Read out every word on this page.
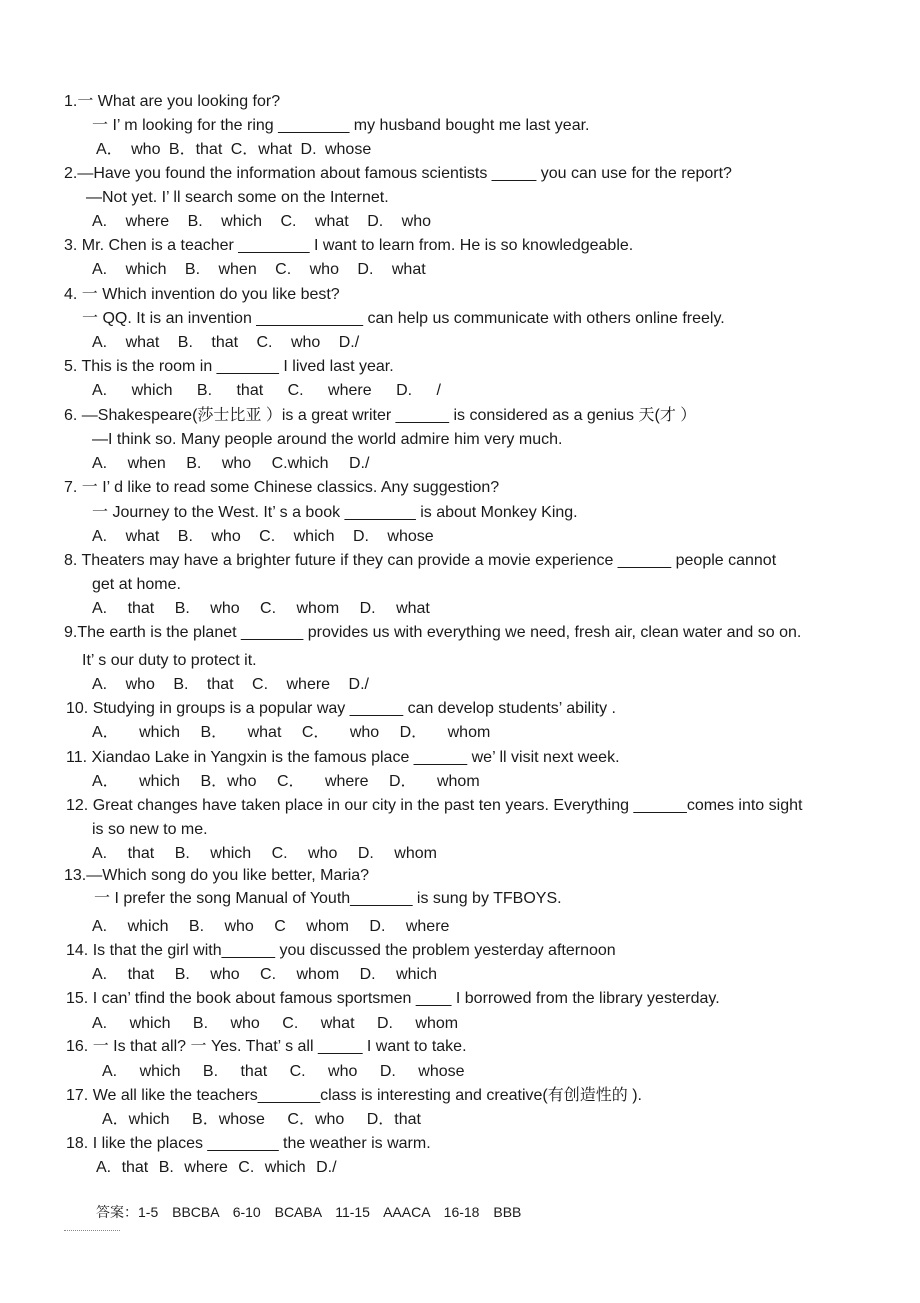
1.一 What are you looking for?
一 I’ m looking for the ring ________ my husband bought me last year.
A． who B．that C．what D. whose
2.—Have you found the information about famous scientists _____ you can use for the report?
—Not yet. I’ ll search some on the Internet.
A. where B. which C. what D. who
3. Mr. Chen is a teacher ________ I want to learn from. He is so knowledgeable.
A. which B. when C. who D. what
4. 一 Which invention do you like best?
一 QQ. It is an invention ____________ can help us communicate with others online freely.
A. what B. that C. who D./
5. This is the room in _______ I lived last year.
A. which B. that C. where D. /
6. —Shakespeare(莎士比亚 ）is a great writer ______ is considered as a genius 天(才 ）
—I think so. Many people around the world admire him very much.
A. when B. who C.which D./
7. 一 I’ d like to read some Chinese classics. Any suggestion?
一 Journey to the West. It’ s a book ________ is about Monkey King.
A. what B. who C. which D. whose
8. Theaters may have a brighter future if they can provide a movie experience ______ people cannot
get at home.
A. that B. who C. whom D. what
9.The earth is the planet _______ provides us with everything we need, fresh air, clean water and so on.
It’ s our duty to protect it.
A. who B. that C. where D./
10. Studying in groups is a popular way ______ can develop students’ ability .
A． which B． what C． who D． whom
11. Xiandao Lake in Yangxin is the famous place ______ we’ ll visit next week.
A． which B．who C． where D． whom
12. Great changes have taken place in our city in the past ten years. Everything ______comes into sight
is so new to me.
A. that B. which C. who D. whom
13.—Which song do you like better, Maria?
一 I prefer the song Manual of Youth_______ is sung by TFBOYS.
A. which B. who C whom D. where
14. Is that the girl with______ you discussed the problem yesterday afternoon
A. that B. who C. whom D. which
15. I can’ tfind the book about famous sportsmen ____ I borrowed from the library yesterday.
A. which B. who C. what D. whom
16. 一 Is that all? 一 Yes. That’ s all _____ I want to take.
A. which B. that C. who D. whose
17. We all like the teachers_______class is interesting and creative(有创造性的 ).
A．which B．whose C．who D．that
18. I like the places ________ the weather is warm.
A. that B. where C. which D./
答案：1-5 BBCBA 6-10 BCABA 11-15 AAACA 16-18 BBB
